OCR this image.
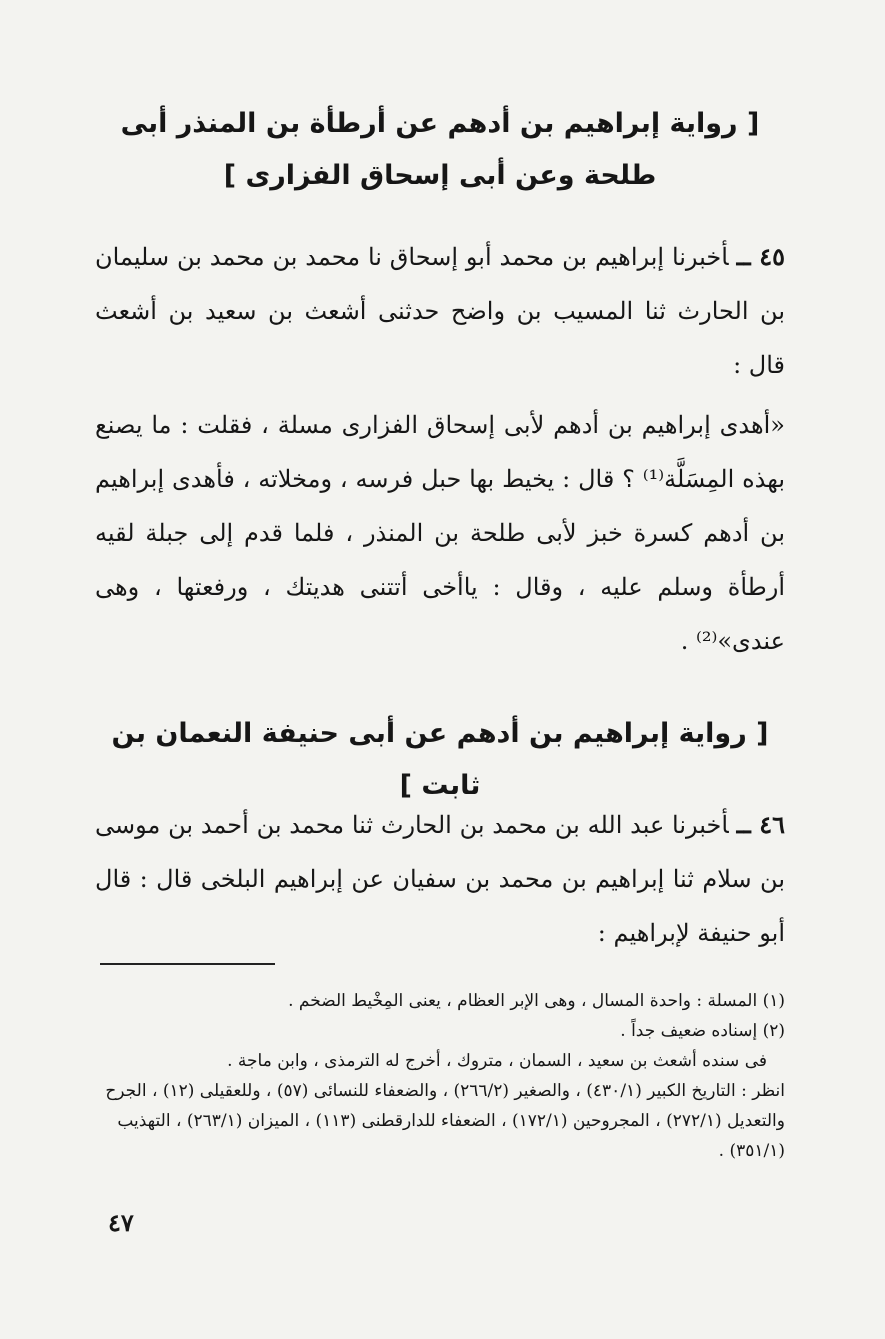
[ رواية إبراهيم بن أدهم عن أرطأة بن المنذر أبى طلحة وعن أبى إسحاق الفزارى ]
٤٥ ــأخبرنا إبراهيم بن محمد أبو إسحاق نا محمد بن محمد بن سليمان بن الحارث ثنا المسيب بن واضح حدثنى أشعث بن سعيد بن أشعث قال :
«أهدى إبراهيم بن أدهم لأبى إسحاق الفزارى مسلة ، فقلت : ما يصنع بهذه المِسَلَّة⁽¹⁾ ؟ قال : يخيط بها حبل فرسه ، ومخلاته ، فأهدى إبراهيم بن أدهم كسرة خبز لأبى طلحة بن المنذر ، فلما قدم إلى جبلة لقيه أرطأة وسلم عليه ، وقال : ياأخى أتتنى هديتك ، ورفعتها ، وهى عندى»⁽²⁾ .
[ رواية إبراهيم بن أدهم عن أبى حنيفة النعمان بن ثابت ]
٤٦ ــأخبرنا عبد الله بن محمد بن الحارث ثنا محمد بن أحمد بن موسى بن سلام ثنا إبراهيم بن محمد بن سفيان عن إبراهيم البلخى قال : قال أبو حنيفة لإبراهيم :

(١) المسلة : واحدة المسال ، وهى الإبر العظام ، يعنى المِخْيط الضخم .

(٢) إسناده ضعيف جداً .

فى سنده أشعث بن سعيد ، السمان ، متروك ، أخرج له الترمذى ، وابن ماجة .

انظر : التاريخ الكبير (٤٣٠/١) ، والصغير (٢٦٦/٢) ، والضعفاء للنسائى (٥٧) ، وللعقيلى (١٢) ، الجرح والتعديل (٢٧٢/١) ، المجروحين (١٧٢/١) ، الضعفاء للدارقطنى (١١٣) ، الميزان (٢٦٣/١) ، التهذيب (٣٥١/١) .

٤٧
